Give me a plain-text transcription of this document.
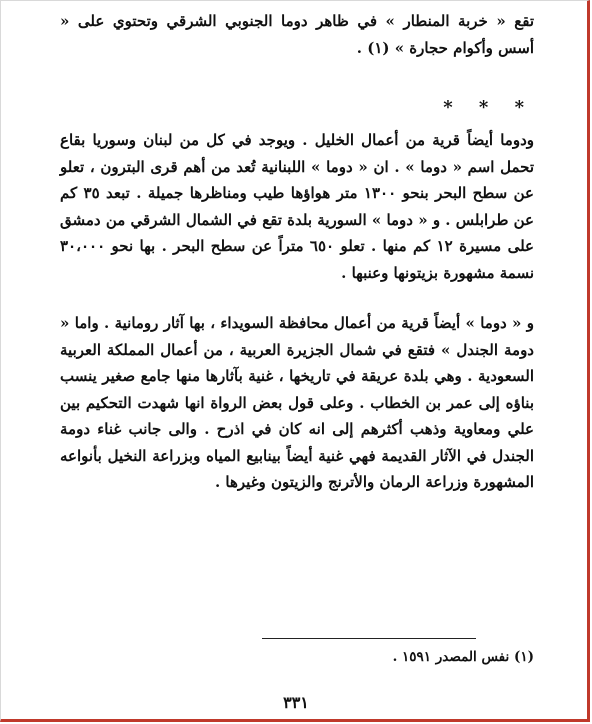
تقع « خربة المنطار » في ظاهر دوما الجنوبي الشرقي وتحتوي على « أسس وأكوام حجارة » (١) .

* * *

ودوما أيضاً قرية من أعمال الخليل . ويوجد في كل من لبنان وسوريا بقاع تحمل اسم « دوما » . ان « دوما » اللبنانية تُعد من أهم قرى البترون ، تعلو عن سطح البحر بنحو ١٣٠٠ متر هواؤها طيب ومناظرها جميلة . تبعد ٣٥ كم عن طرابلس . و « دوما » السورية بلدة تقع في الشمال الشرقي من دمشق على مسيرة ١٢ كم منها . تعلو ٦٥٠ متراً عن سطح البحر . بها نحو ٣٠،٠٠٠ نسمة مشهورة بزيتونها وعنبها .

و « دوما » أيضاً قرية من أعمال محافظة السويداء ، بها آثار رومانية . واما « دومة الجندل » فتقع في شمال الجزيرة العربية ، من أعمال المملكة العربية السعودية . وهي بلدة عريقة في تاريخها ، غنية بآثارها منها جامع صغير ينسب بناؤه إلى عمر بن الخطاب . وعلى قول بعض الرواة انها شهدت التحكيم بين علي ومعاوية وذهب أكثرهم إلى انه كان في اذرح . والى جانب غناء دومة الجندل في الآثار القديمة فهي غنية أيضاً بينابيع المياه وبزراعة النخيل بأنواعه المشهورة وزراعة الرمان والأترنج والزيتون وغيرها .

(١) نفس المصدر ١٥٩١ .
٣٣١
